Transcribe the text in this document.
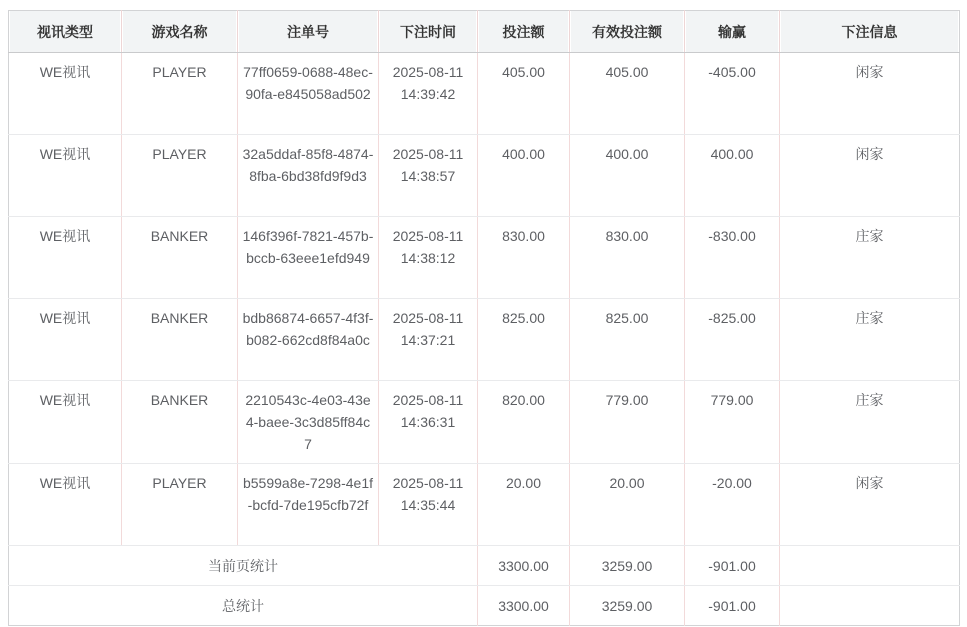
视讯类型	游戏名称	注单号	下注时间	投注额	有效投注额	输赢	下注信息
WE视讯	PLAYER	77ff0659-0688-48ec-90fa-e845058ad502	2025-08-11 14:39:42	405.00	405.00	-405.00	闲家
WE视讯	PLAYER	32a5ddaf-85f8-4874-8fba-6bd38fd9f9d3	2025-08-11 14:38:57	400.00	400.00	400.00	闲家
WE视讯	BANKER	146f396f-7821-457b-bccb-63eee1efd949	2025-08-11 14:38:12	830.00	830.00	-830.00	庄家
WE视讯	BANKER	bdb86874-6657-4f3f-b082-662cd8f84a0c	2025-08-11 14:37:21	825.00	825.00	-825.00	庄家
WE视讯	BANKER	2210543c-4e03-43e4-baee-3c3d85ff84c7	2025-08-11 14:36:31	820.00	779.00	779.00	庄家
WE视讯	PLAYER	b5599a8e-7298-4e1f-bcfd-7de195cfb72f	2025-08-11 14:35:44	20.00	20.00	-20.00	闲家
当前页统计				3300.00	3259.00	-901.00	
总统计				3300.00	3259.00	-901.00	
